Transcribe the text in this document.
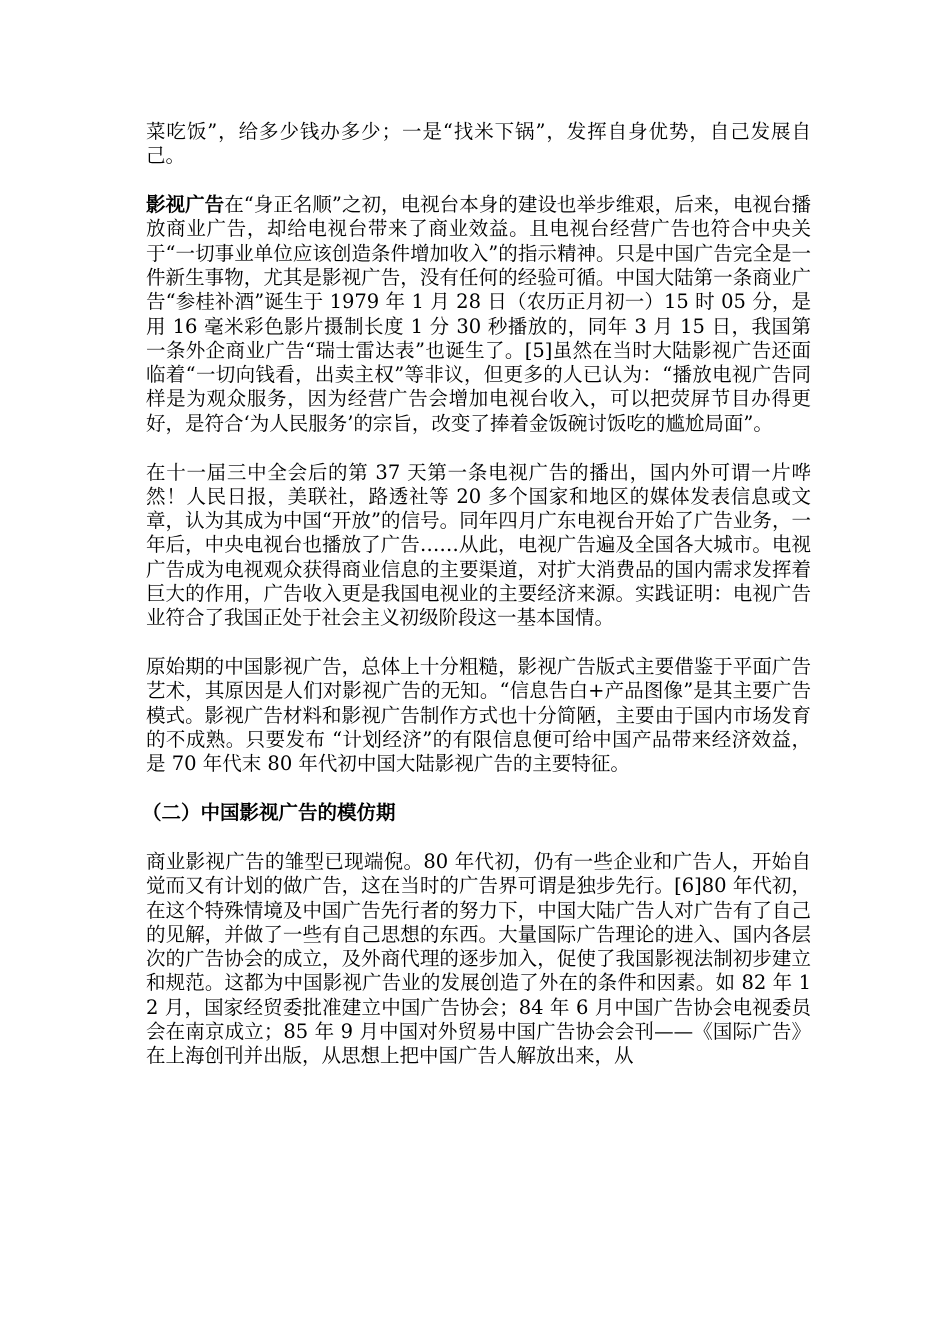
菜吃饭”，给多少钱办多少；一是“找米下锅”，发挥自身优势，自己发展自己。

影视广告在“身正名顺”之初，电视台本身的建设也举步维艰，后来，电视台播放商业广告，却给电视台带来了商业效益。且电视台经营广告也符合中央关于“一切事业单位应该创造条件增加收入”的指示精神。只是中国广告完全是一件新生事物，尤其是影视广告，没有任何的经验可循。中国大陆第一条商业广告“参桂补酒”诞生于 1979 年 1 月 28 日（农历正月初一）15 时 05 分，是用 16 毫米彩色影片摄制长度 1 分 30 秒播放的，同年 3 月 15 日，我国第一条外企商业广告“瑞士雷达表”也诞生了。[5]虽然在当时大陆影视广告还面临着“一切向钱看，出卖主权”等非议，但更多的人已认为：“播放电视广告同样是为观众服务，因为经营广告会增加电视台收入，可以把荧屏节目办得更好，是符合‘为人民服务’的宗旨，改变了捧着金饭碗讨饭吃的尴尬局面”。

在十一届三中全会后的第 37 天第一条电视广告的播出，国内外可谓一片哗然！人民日报，美联社，路透社等 20 多个国家和地区的媒体发表信息或文章，认为其成为中国“开放”的信号。同年四月广东电视台开始了广告业务，一年后，中央电视台也播放了广告……从此，电视广告遍及全国各大城市。电视广告成为电视观众获得商业信息的主要渠道，对扩大消费品的国内需求发挥着巨大的作用，广告收入更是我国电视业的主要经济来源。实践证明：电视广告业符合了我国正处于社会主义初级阶段这一基本国情。

原始期的中国影视广告，总体上十分粗糙，影视广告版式主要借鉴于平面广告艺术，其原因是人们对影视广告的无知。“信息告白+产品图像”是其主要广告模式。影视广告材料和影视广告制作方式也十分简陋，主要由于国内市场发育的不成熟。只要发布 “计划经济”的有限信息便可给中国产品带来经济效益，是 70 年代末 80 年代初中国大陆影视广告的主要特征。

（二）中国影视广告的模仿期

商业影视广告的雏型已现端倪。80 年代初，仍有一些企业和广告人，开始自觉而又有计划的做广告，这在当时的广告界可谓是独步先行。[6]80 年代初，在这个特殊情境及中国广告先行者的努力下，中国大陆广告人对广告有了自己的见解，并做了一些有自己思想的东西。大量国际广告理论的进入、国内各层次的广告协会的成立，及外商代理的逐步加入，促使了我国影视法制初步建立和规范。这都为中国影视广告业的发展创造了外在的条件和因素。如 82 年 12 月，国家经贸委批准建立中国广告协会；84 年 6 月中国广告协会电视委员会在南京成立；85 年 9 月中国对外贸易中国广告协会会刊——《国际广告》在上海创刊并出版，从思想上把中国广告人解放出来，从
